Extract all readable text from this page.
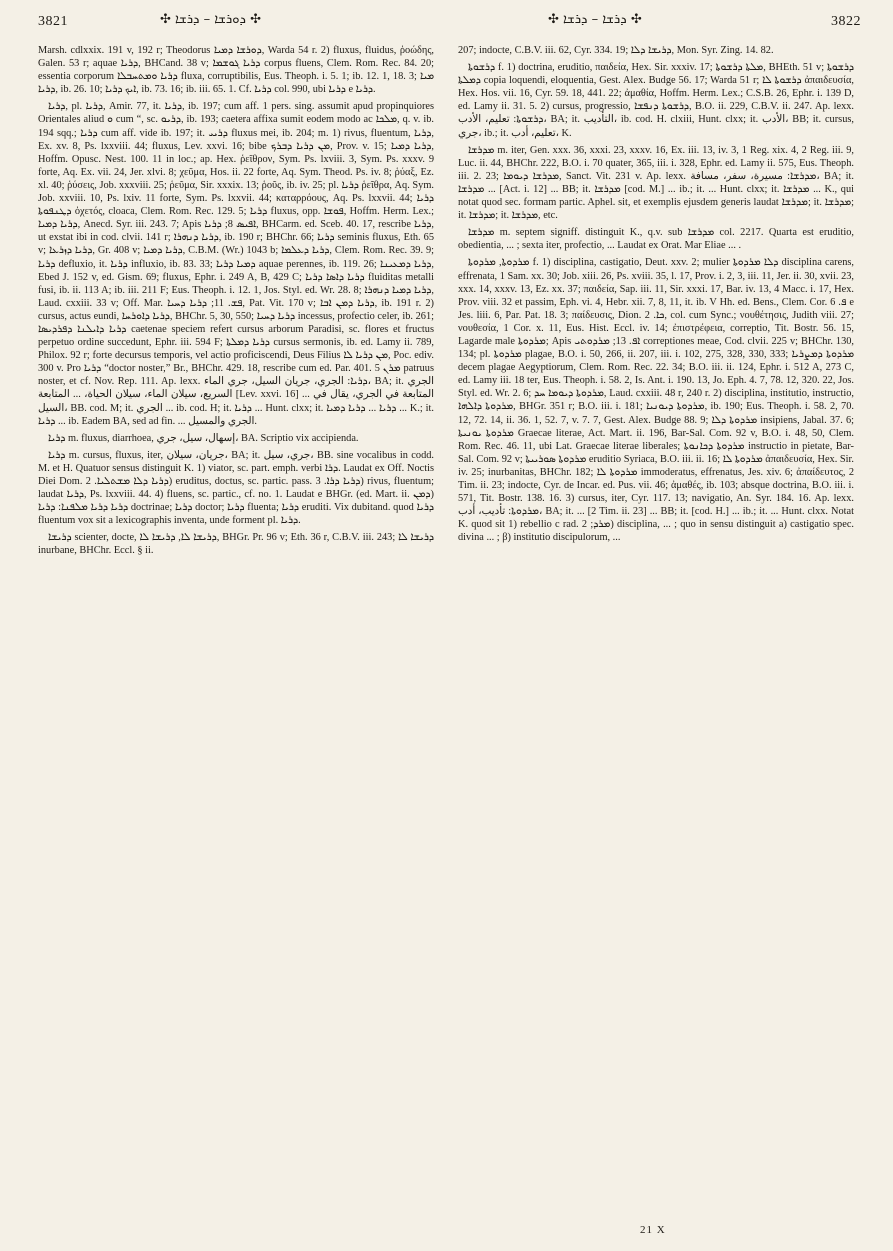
3821	✣ ܕܘܪܫܐ – ܕܪܫܐ ✣	✣ ܕܪܫܐ – ܕܪܫܐ ✣	3822

Marsh. cdlxxix. 191 v, 192 r; Theodorus ܕܘܪܫܐ ܕܡܝܐ, Warda 54 r. 2) fluxus, fluidus, ῥοώδης, Galen. 53 r; aquae ܕܪܝܐ, BHCand. 38 v; ܕܪܝܐ ܓܘܫܡܐ corpus fluens, Clem. Rom. Rec. 84. 20; essentia corporum ܕܪܝܐ ܘܡܬܚܒܠܐ fluxa, corruptibilis, Eus. Theoph. i. 5. 1; ib. 12. 1, 18. 3; ܡܝܐ ܕܪܝܐ, ib. 26. 10; ܐܝܟ ܕܪܝܐ, ib. 73. 16; ib. iii. 65. 1. Cf. ܕܪܝܐ col. 990, ubi ܕܪܝܐ e ܕܪܝܐ.

ܕܪܝܐ, pl. ܕܪܝܐ, Amir. 77, it. ܕܪܝܐ, ib. 197; cum aff. 1 pers. sing. assumit apud propinquiores Orientales aliud ܘ cum “, sc. ܕܪܝܘ, ib. 193; caetera affixa sumit eodem modo ac ܡܠܟܐ, q. v. ib. 194 sqq.; ܕܪܝܐ cum aff. vide ib. 197; it. ܕܪܝܝ fluxus mei, ib. 204; m. 1) rivus, fluentum, ܕܪܝܐ, Ex. xv. 8, Ps. lxxviii. 44; fluxus, Lev. xxvi. 16; bibe ܡܢ ܕܪܝܐ ܕܒܪܟ, Prov. v. 15; ܕܪܝܐ ܕܡܝܐ, Hoffm. Opusc. Nest. 100. 11 in loc.; ap. Hex. ῥεῖθρον, Sym. Ps. lxviii. 3, Sym. Ps. xxxv. 9 forte, Aq. Ex. vii. 24, Jer. xlvi. 8; χεῦμα, Hos. ii. 22 forte, Aq. Sym. Theod. Ps. iv. 8; ῥύαξ, Ez. xl. 40; ῥύσεις, Job. xxxviii. 25; ῥεῦμα, Sir. xxxix. 13; ῥοῦς, ib. iv. 25; pl. ܕܪܝܐ ῥεῖθρα, Aq. Sym. Job. xxviii. 10, Ps. lxiv. 11 forte, Sym. Ps. lxxvii. 44; καταρρόους, Aq. Ps. lxxvii. 44; ܕܪܝܐ ܕܛܢܦܘܬܐ ὀχετός, cloaca, Clem. Rom. Rec. 129. 5; ܕܪܝܐ fluxus, opp. ܦܘܫܐ, Hoffm. Herm. Lex.; ܕܪܝܐ ܕܡܝܐ, Anecd. Syr. iii. 243. 7; Apis ܐܦܝܣ 8; ܕܪܝܐ, BHCarm. ed. Sceb. 40. 17, rescribe ܕܪܝܐ, ut exstat ibi in cod. clvii. 141 r; ܕܪܝܐ ܕܢܗܪܐ, ib. 190 r; BHChr. 66; ܕܪܝܐ seminis fluxus, Eth. 65 v; ܕܪܝܐ ܕܙܪܥܐ, Gr. 408 v; ܕܪܝܐ ܕܡܝܐ, C.B.M. (Wr.) 1043 b; ܕܪܝܐ ܕܥܠܡܐ, Clem. Rom. Rec. 39. 9; ܕܪܝܐ defluxio, it. ܕܪܝܐ influxio, ib. 83. 33; ܕܡܝܐ ܕܪܝܐ aquae perennes, ib. 119. 26; ܕܪܝܐ ܕܡܥܝܢܐ, Ebed J. 152 v, ed. Gism. 69; fluxus, Ephr. i. 249 A, B, 429 C; ܕܪܝܐ ܕܐܣܐ ܕܪܝܐ fluiditas metalli fusi, ib. ii. 113 A; ib. iii. 211 F; Eus. Theoph. i. 12. 1, Jos. Styl. ed. Wr. 28. 8; ܕܪܝܐ ܕܡܝܐ ܕܢܗܪܐ, Laud. cxxiii. 33 v; Off. Mar. ܦܫ. 11; ܕܪܝܐ ܕܚܝܐ, Pat. Vit. 170 v; ܕܪܝܐ ܕܡܢ ܐܒܐ, ib. 191 r. 2) cursus, actus eundi, ܕܪܝܐ ܕܐܘܪܚܐ, BHChr. 5, 30, 550; ܕܪܝܐ ܕܚܝܐ incessus, profectio celer, ib. 261; ܕܪܝܐ ܕܐܝܠܢܐ ܕܦܪܕܝܣܐ caetenae speciem refert cursus arborum Paradisi, sc. flores et fructus perpetuo ordine succedunt, Ephr. iii. 594 F; ܕܪܝܐ ܕܡܠܬܐ cursus sermonis, ib. ed. Lamy ii. 789, Philox. 92 r; forte decursus temporis, vel actio proficiscendi, Deus Filius ܡܢ ܕܪܝܐ ܠܐ, Poc. ediv. 300 v. Pro ܕܪܝܐ “doctor noster,” Br., BHChr. 429. 18, rescribe cum ed. Par. 401. 5 ܡܪܢ patruus noster, et cf. Nov. Rep. 111. Ap. lexx. ܕܪܝܐ: الجري، جريان السيل، جري الماء، BA; it. الجري السريع، سيلان الماء، سيلان الحياة، ... المتابعة [Lev. xxvi. 16] ... المتابعة في الجري، يقال في السيل، BB. cod. M; it. الجري ... ib. cod. H; it. ܕܪܝܐ ... Hunt. clxx; it. ܕܪܝܐ ... ܕܪܝܐ ܕܡܝܐ ... K.; it. ܕܪܝܐ ... ib. Eadem BA, sed ad fin. ... الجري والمسيل.

ܕܪܝܐ m. fluxus, diarrhoea, إسهال، سيل، جري، BA. Scriptio vix accipienda.

ܕܪܝܐ m. cursus, fluxus, iter, جريان، سيلان، BA; it. جري، سيل، BB. sine vocalibus in codd. M. et H. Quatuor sensus distinguit K. 1) viator, sc. part. emph. verbi ܕܪܐ. Laudat ex Off. Noctis Diei Dom. ܕܪܝܐ ܕܠܐ ܡܫܬܠܝܐ. 2) eruditus, doctus, sc. partic. pass. ܕܪܝܐ ܕܪܐ. 3) rivus, fluentum; laudat ܕܪܝܐ, Ps. lxxviii. 44. 4) fluens, sc. partic., cf. no. 1. Laudat e BHGr. (ed. Mart. ii. ܕܡܢ) ܕܪܝܐ ܕܪܝܐ ܡܠܦܢܐ: ܕܪܝܐ doctrinae; ܕܪܝܐ doctor; ܕܪܝܐ fluenta; ܕܪܝܐ eruditi. Vix dubitand. quod ܕܪܝܐ fluentum vox sit a lexicographis inventa, unde forment pl. ܕܪܝܐ.

ܕܪܝܫܐ scienter, docte, ܕܪܝܫܐ ܠܐ, ܕܪܝܫܐ ܠܐ, BHGr. Pr. 96 v; Eth. 36 r, C.B.V. iii. 243; ܕܪܝܫܐ ܠܐ inurbane, BHChr. Eccl. § ii.

207; indocte, C.B.V. iii. 62, Cyr. 334. 19; ܕܪܝܫܐ ܕܠܐ, Mon. Syr. Zing. 14. 82.

ܕܪܫܘܬܐ f. 1) doctrina, eruditio, παιδεία, Hex. Sir. xxxiv. 17; ܡܠܬܐ ܕܪܫܘܬܐ, BHEth. 51 v; ܕܪܫܘܬܐ ܕܡܠܬܐ copia loquendi, eloquentia, Gest. Alex. Budge 56. 17; Warda 51 r; ܕܪܫܘܬܐ ܠܐ ἀπαιδευσία, Hex. Hos. vii. 16, Cyr. 59. 18, 441. 22; ἀμαθία, Hoffm. Herm. Lex.; C.S.B. 26, Ephr. i. 139 D, ed. Lamy ii. 31. 5. 2) cursus, progressio, ܕܪܫܘܬܐ ܕܢܦܫܐ, B.O. ii. 229, C.B.V. ii. 247. Ap. lexx. ܕܪܫܘܬܐ: تعليم، الأدب، BA; it. التأديب، ib. cod. H. clxiii, Hunt. clxx; it. الأدب، BB; it. cursus, جري، ib.; it. تعليم، أدب، K.

ܡܕܪܫܐ m. iter, Gen. xxx. 36, xxxi. 23, xxxv. 16, Ex. iii. 13, iv. 3, 1 Reg. xix. 4, 2 Reg. iii. 9, Luc. ii. 44, BHChr. 222, B.O. i. 70 quater, 365, iii. i. 328, Ephr. ed. Lamy ii. 575, Eus. Theoph. iii. 2. 23; ܡܕܪܫܐ ܕܝܘܡܐ, Sanct. Vit. 231 v. Ap. lexx. ܡܕܪܫܐ: مسيرة، سفر، مسافة، BA; it. ܡܕܪܫܐ ... [Act. i. 12] ... BB; it. ܡܕܪܫܐ [cod. M.] ... ib.; it. ... Hunt. clxx; it. ܡܕܪܫܐ ... K., qui notat quod sec. formam partic. Aphel. sit, et exemplis ejusdem generis laudat ܡܕܪܫܐ; it. ܡܕܪܫܐ; it. ܡܕܪܫܐ; it. ܡܕܪܫܐ, etc.

ܡܕܪܫܐ m. septem signiff. distinguit K., q.v. sub ܡܕܪܫܐ col. 2217. Quarta est eruditio, obedientia, ... ; sexta iter, profectio, ... Laudat ex Orat. Mar Eliae ... .

ܡܪܕܘܬܐ, ܡܪܕܘܬܐ f. 1) disciplina, castigatio, Deut. xxv. 2; mulier ܕܠܐ ܡܪܕܘܬܐ disciplina carens, effrenata, 1 Sam. xx. 30; Job. xiii. 26, Ps. xviii. 35, l. 17, Prov. i. 2, 3, iii. 11, Jer. ii. 30, xvii. 23, xxx. 14, xxxv. 13, Ez. xx. 37; παιδεία, Sap. iii. 11, Sir. xxxi. 17, Bar. iv. 13, 4 Macc. i. 17, Hex. Prov. viii. 32 et passim, Eph. vi. 4, Hebr. xii. 7, 8, 11, it. ib. V Hh. ed. Bens., Clem. Cor. ܦ. 6 e Jes. liii. 6, Par. Pat. 18. 3; παίδευσις, Dion. ܟܐ. 2, col. cum Sync.; νουθέτησις, Judith viii. 27; νουθεσία, 1 Cor. x. 11, Eus. Hist. Eccl. iv. 14; ἐπιστρέφεια, correptio, Tit. Bostr. 56. 15, Lagarde male ܡܪܕܘܬܐ; Apis ܐܦ. 13; ܡܪܕܘܬܝ correptiones meae, Cod. clvii. 225 v; BHChr. 130, 134; pl. ܡܪܕܘܬܐ plagae, B.O. i. 50, 266, ii. 207, iii. i. 102, 275, 328, 330, 333; ܡܪܕܘܬܐ ܕܡܨܪܝܐ decem plagae Aegyptiorum, Clem. Rom. Rec. 22. 34; B.O. iii. ii. 124, Ephr. i. 512 A, 273 C, ed. Lamy iii. 18 ter, Eus. Theoph. i. 58. 2, Is. Ant. i. 190. 13, Jo. Eph. 4. 7, 78. 12, 320. 22, Jos. Styl. ed. Wr. 2. 6; ܡܪܕܘܬܐ ܕܝܘܡܐ ܚܕ, Laud. cxxiii. 48 r, 240 r. 2) disciplina, institutio, instructio, ܡܪܕܘܬܐ ܕܐܠܗܐ, BHGr. 351 r; B.O. iii. i. 181; ܡܪܕܘܬܐ ܕܝܘܢܝܐ, ib. 190; Eus. Theoph. i. 58. 2, 70. 12, 72. 14, ii. 36. 1, 52. 7, v. 7. 7, Gest. Alex. Budge 88. 9; ܡܪܕܘܬܐ ܕܠܐ insipiens, Jabal. 37. 6; ܡܪܕܘܬܐ ܝܘܢܝܬܐ Graecae literae, Act. Mart. ii. 196, Bar-Sal. Com. 92 v, B.O. i. 48, 50, Clem. Rom. Rec. 46. 11, ubi Lat. Graecae literae liberales; ܡܪܕܘܬܐ ܕܟܐܢܘܬܐ instructio in pietate, Bar-Sal. Com. 92 v; ܡܪܕܘܬܐ ܣܘܪܝܝܬܐ eruditio Syriaca, B.O. iii. ii. 16; ܡܪܕܘܬܐ ܠܐ ἀπαιδευσία, Hex. Sir. iv. 25; inurbanitas, BHChr. 182; ܡܪܕܘܬܐ ܠܐ immoderatus, effrenatus, Jes. xiv. 6; ἀπαίδευτος, 2 Tim. ii. 23; indocte, Cyr. de Incar. ed. Pus. vii. 46; ἀμαθές, ib. 103; absque doctrina, B.O. iii. i. 571, Tit. Bostr. 138. 16. 3) cursus, iter, Cyr. 117. 13; navigatio, An. Syr. 184. 16. Ap. lexx. ܡܪܕܘܬܐ: تأديب، أدب، BA; it. ... [2 Tim. ii. 23] ... BB; it. [cod. H.] ... ib.; it. ... Hunt. clxx. Notat K. quod sit 1) rebellio c rad. ܡܪܕ; 2) disciplina, ... ; quo in sensu distinguit a) castigatio spec. divina ... ; β) institutio discipulorum, ...

21 X
